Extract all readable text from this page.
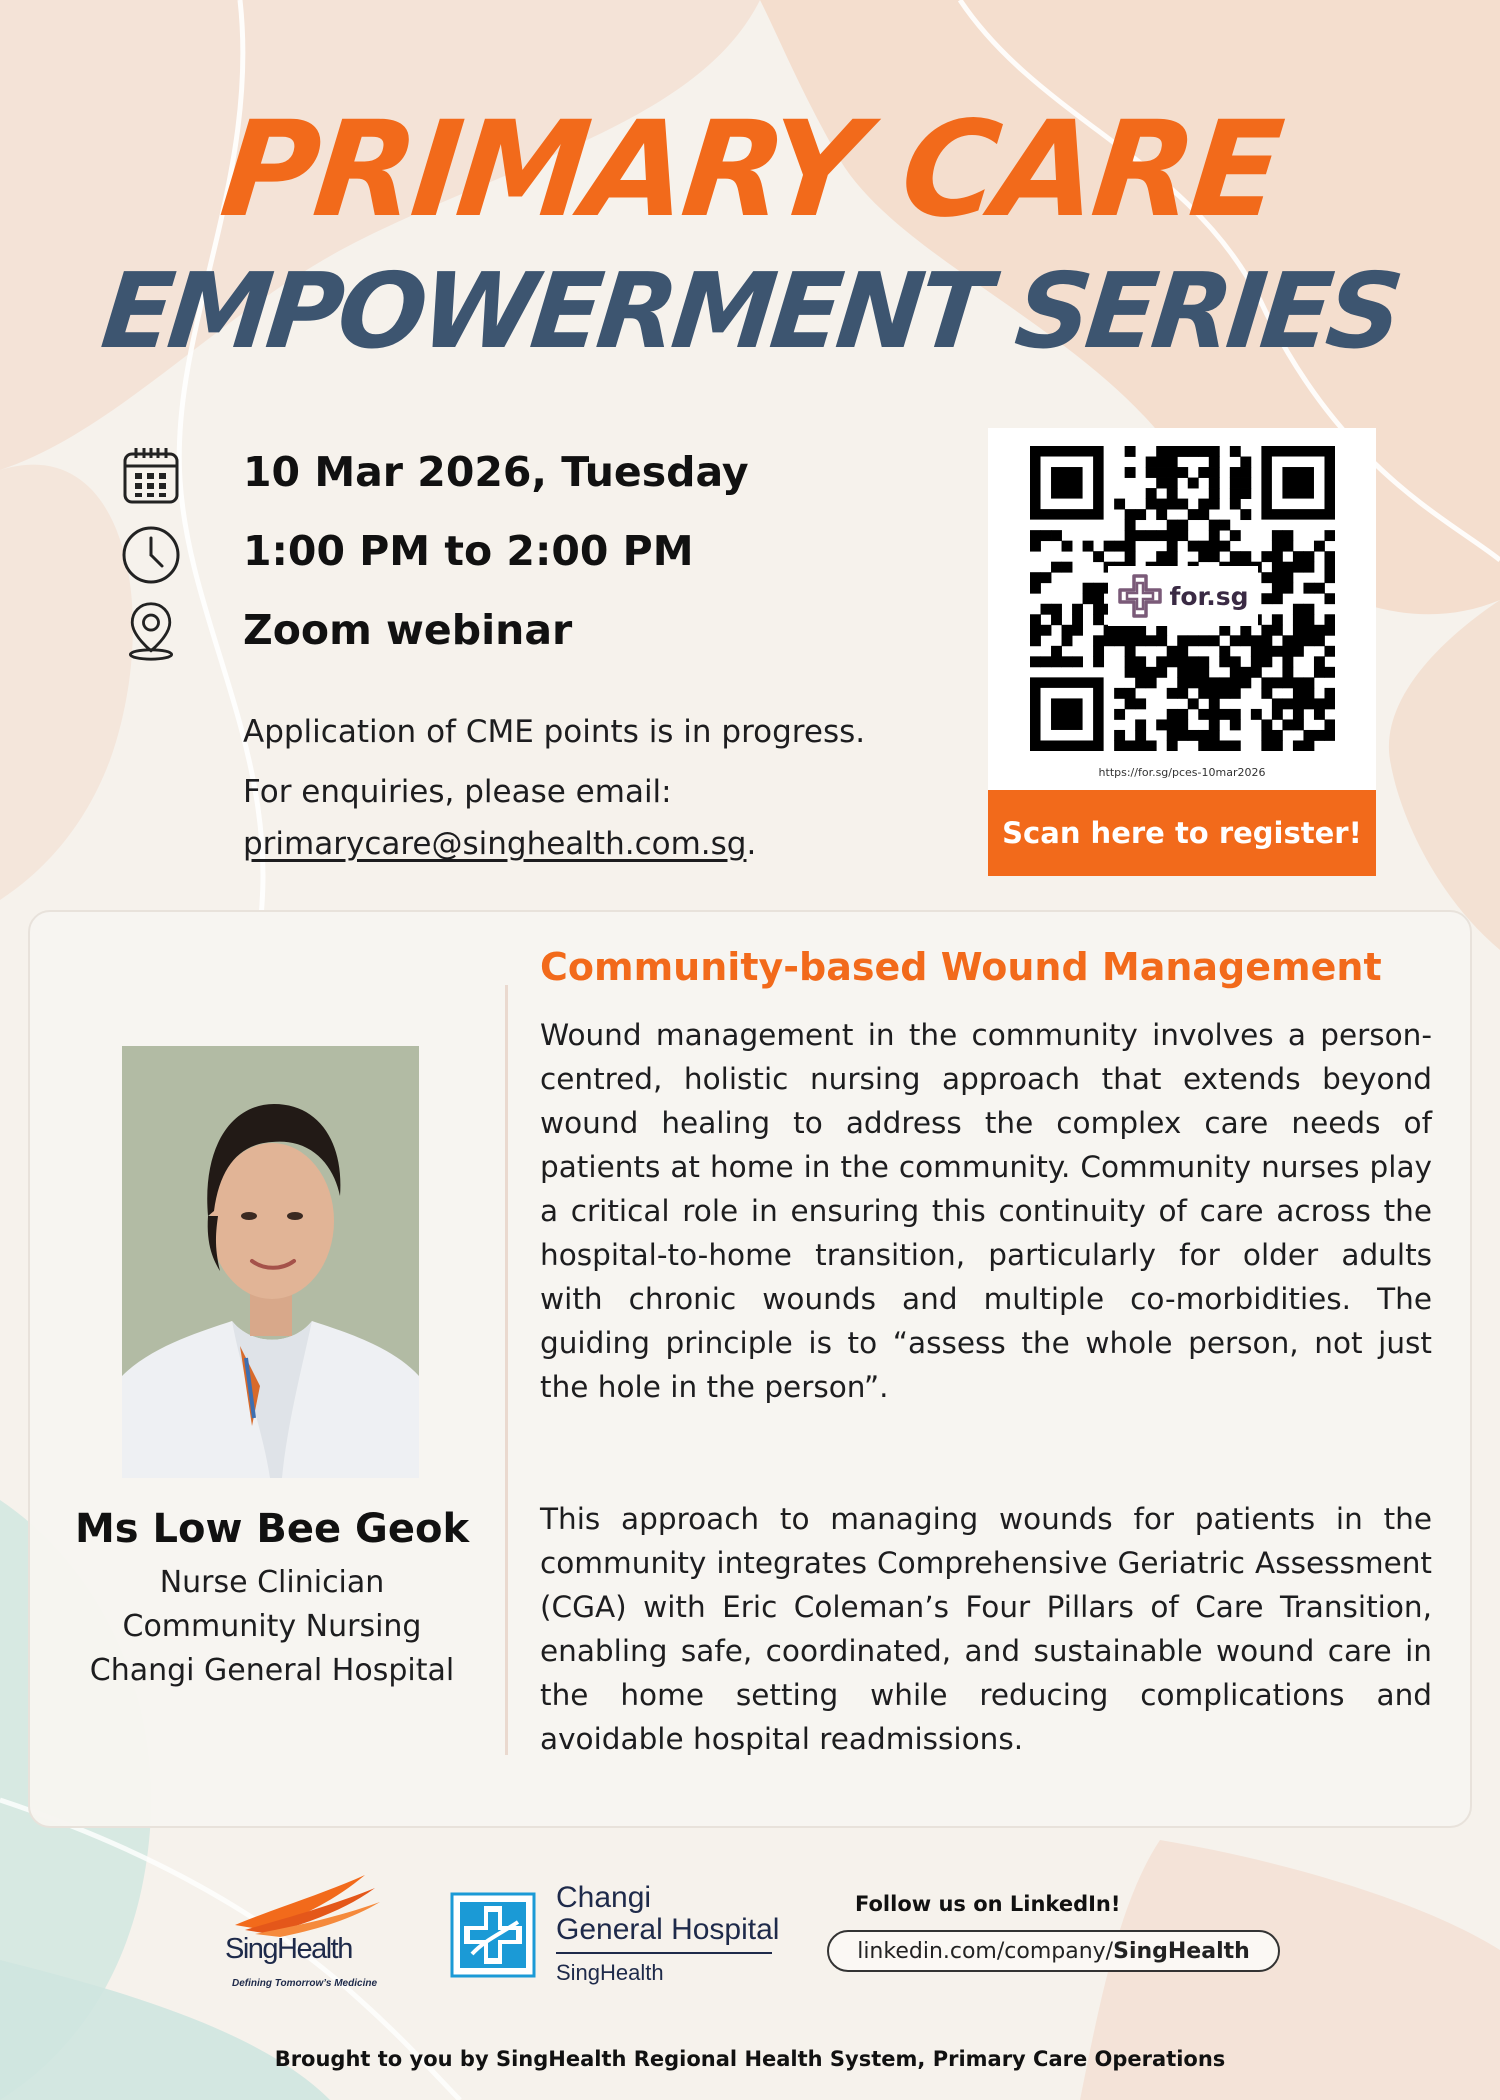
PRIMARY CARE
EMPOWERMENT SERIES
10 Mar 2026, Tuesday
1:00 PM to 2:00 PM
Zoom webinar
Application of CME points is in progress.
For enquiries, please email:
primarycare@singhealth.com.sg.
for.sg
https://for.sg/pces-10mar2026
Scan here to register!
Ms Low Bee Geok
Nurse Clinician
Community Nursing
Changi General Hospital
Community-based Wound Management
Wound management in the community involves a person-centred, holistic nursing approach that extends beyond wound healing to address the complex care needs of patients at home in the community. Community nurses play a critical role in ensuring this continuity of care across the hospital-to-home transition, particularly for older adults with chronic wounds and multiple co-morbidities. The guiding principle is to “assess the whole person, not just the hole in the person”.
This approach to managing wounds for patients in the community integrates Comprehensive Geriatric Assessment (CGA) with Eric Coleman’s Four Pillars of Care Transition, enabling safe, coordinated, and sustainable wound care in the home setting while reducing complications and avoidable hospital readmissions.
SingHealth
Defining Tomorrow’s Medicine
Changi
General Hospital
SingHealth
Follow us on LinkedIn!
linkedin.com/company/ SingHealth
Brought to you by SingHealth Regional Health System, Primary Care Operations
